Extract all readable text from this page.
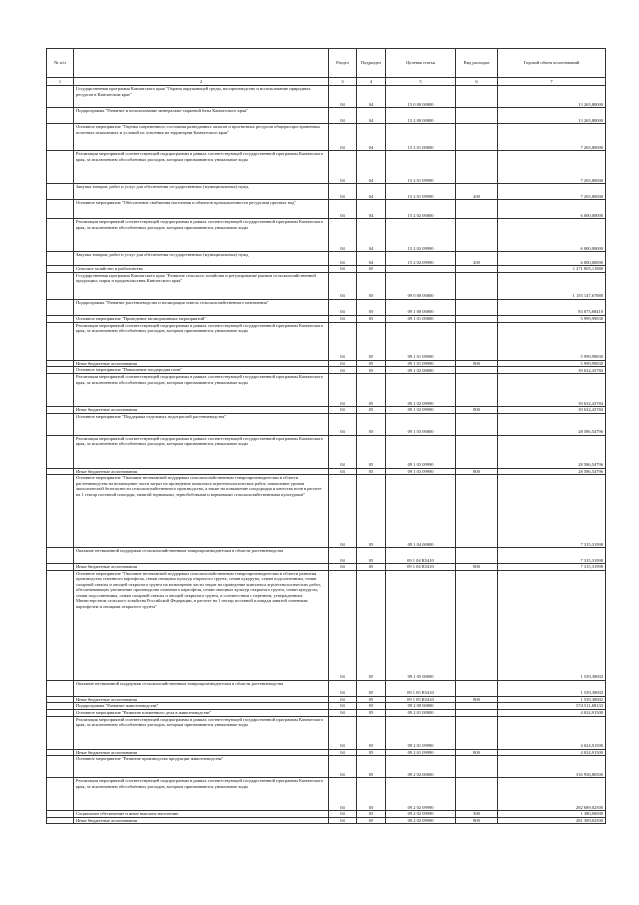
№ п/п		Раздел	Подраздел	Целевая статья	Вид расходов	Годовой объем ассигнований
1	2	3	4	5	6	7
	Государственная программа Камчатского края "Охрана окружающей среды, воспроизводство и использование природных ресурсов в Камчатском крае"	04	04	15 0 00 00000		13 265,80000
	Подпрограмма "Развитие и использование минерально-сырьевой базы Камчатского края"	04	04	15 2 00 00000		13 265,80000
	Основное мероприятие "Оценка современного состояния разведанных запасов и прогнозных ресурсов общераспространенных полезных ископаемых и условий их освоения на территории Камчатского края"	04	04	15 2 01 00000		7 265,80000
	Реализация мероприятий соответствующей подпрограммы в рамках соответствующей государственной программы Камчатского края, за исключением обособленных расходов, которым присваиваются уникальные коды	04	04	15 2 01 09990		7 265,80000
	Закупка товаров, работ и услуг для обеспечения государственных (муниципальных) нужд	04	04	15 2 01 09990	200	7 265,80000
	Основное мероприятие "Обеспечение снабжения населения и объектов промышленности ресурсами пресных вод"	04	04	15 2 02 00000		6 000,00000
	Реализация мероприятий соответствующей подпрограммы в рамках соответствующей государственной программы Камчатского края, за исключением обособленных расходов, которым присваиваются уникальные коды	04	04	15 2 02 09990		6 000,00000
	Закупка товаров, работ и услуг для обеспечения государственных (муниципальных) нужд	04	04	15 2 02 09990	200	6 000,00000
	Сельское хозяйство и рыболовство	04	05			1 271 805,11880
	Государственная программа Камчатского края "Развитие сельского хозяйства и регулирование рынков сельскохозяйственной продукции, сырья и продовольствия Камчатского края"	04	05	09 0 00 00000		1 155 147,67880
	Подпрограмма "Развитие растениеводства и мелиорация земель сельскохозяйственного назначения"	04	05	09 1 00 00000		83 073,68410
	Основное мероприятие "Проведение мелиоративных мероприятий"	04	05	09 1 01 00000		5 999,99830
	Реализация мероприятий соответствующей подпрограммы в рамках соответствующей государственной программы Камчатского края, за исключением обособленных расходов, которым присваиваются уникальные коды	04	05	09 1 01 09990		5 999,99830
	Иные бюджетные ассигнования	04	05	09 1 01 09990	800	5 999,99830
	Основное мероприятие "Повышение плодородия почв"	04	05	09 1 02 00000		39 632,43784
	Реализация мероприятий соответствующей подпрограммы в рамках соответствующей государственной программы Камчатского края, за исключением обособленных расходов, которым присваиваются уникальные коды	04	05	09 1 02 09990		39 632,43784
	Иные бюджетные ассигнования	04	05	09 1 02 09990	800	39 632,43784
	Основное мероприятие "Поддержка отдельных подотраслей растениеводства"	04	05	09 1 03 00000		28 586,54796
	Реализация мероприятий соответствующей подпрограммы в рамках соответствующей государственной программы Камчатского края, за исключением обособленных расходов, которым присваиваются уникальные коды	04	05	09 1 03 09990		28 586,54796
	Иные бюджетные ассигнования	04	05	09 1 03 09990	800	28 586,54796
	Основное мероприятие "Оказание несвязанной поддержки сельскохозяйственным товаропроизводителям в области растениеводства на возмещение части затрат на проведение комплекса агротехнологических работ, повышение уровня экологической безопасности сельскохозяйственного производства, а также на повышение плодородия и качества почв в расчете на 1 гектар посевной площади, занятой зерновыми, зернобобовыми и кормовыми сельскохозяйственными культурами"	04	05	09 1 04 00000		7 315,31998
	Оказание несвязанной поддержки сельскохозяйственным товаропроизводителям в области растениеводства	04	05	09 1 04 R5410		7 315,31998
	Иные бюджетные ассигнования	04	05	09 1 04 R5410	800	7 315,31998
	Основное мероприятие "Оказание несвязанной поддержки сельскохозяйственным товаропроизводителям в области развития производства семенного картофеля, семян овощных культур открытого грунта, семян кукурузы, семян подсолнечника, семян сахарной свеклы и овощей открытого грунта на возмещение части затрат на проведение комплекса агротехнологических работ, обеспечивающих увеличение производства семенного картофеля, семян овощных культур открытого грунта, семян кукурузы, семян подсолнечника, семян сахарной свеклы и овощей открытого грунта, в соответствии с перечнем, утвержденным Министерством сельского хозяйства Российской Федерации, в расчете на 1 гектар посевной площади занятой семенным картофелем и овощами открытого грунта"	04	05	09 1 05 00000		1 539,38002
	Оказание несвязанной поддержки сельскохозяйственным товаропроизводителям в области растениеводства	04	05	09 1 05 R5410		1 539,38002
	Иные бюджетные ассигнования	04	05	09 1 05 R5410	800	1 539,38002
	Подпрограмма "Развитие животноводства"	04	05	09 2 00 00000		574 511,68133
	Основное мероприятие "Развитие племенного дела в животноводстве"	04	05	09 2 01 00000		4 024,91500
	Реализация мероприятий соответствующей подпрограммы в рамках соответствующей государственной программы Камчатского края, за исключением обособленных расходов, которым присваиваются уникальные коды	04	05	09 2 01 09990		4 024,91500
	Иные бюджетные ассигнования	04	05	09 2 01 09990	800	4 024,91500
	Основное мероприятие "Развитие производства продукции животноводства"	04	05	09 2 02 00000		316 956,86500
	Реализация мероприятий соответствующей подпрограммы в рамках соответствующей государственной программы Камчатского края, за исключением обособленных расходов, которым присваиваются уникальные коды	04	05	09 2 02 09990		282 689,02500
	Социальное обеспечение и иные выплаты населению	04	05	09 2 02 09990	300	1 380,00000
	Иные бюджетные ассигнования	04	05	09 2 02 09990	800	281 309,02500
